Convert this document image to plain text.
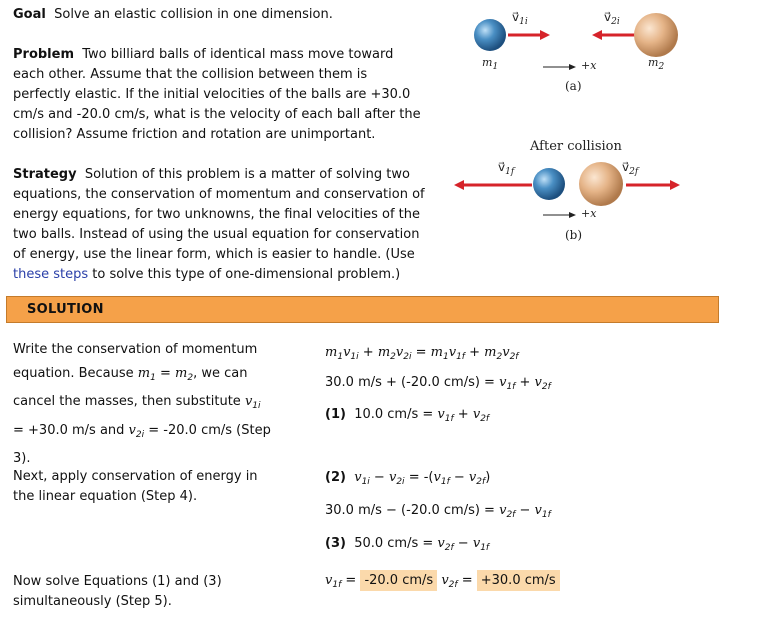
Goal Solve an elastic collision in one dimension.
Problem Two billiard balls of identical mass move toward each other. Assume that the collision between them is perfectly elastic. If the initial velocities of the balls are +30.0 cm/s and -20.0 cm/s, what is the velocity of each ball after the collision? Assume friction and rotation are unimportant.
Strategy Solution of this problem is a matter of solving two equations, the conservation of momentum and conservation of energy equations, for two unknowns, the final velocities of the two balls. Instead of using the usual equation for conservation of energy, use the linear form, which is easier to handle. (Use these steps to solve this type of one-dimensional problem.)
$v⃗_{1i}$	$v⃗_{2i}$
$m_1$	$m_2$
+x
(a)
After collision
$v⃗_{1f}$	$v⃗_{2f}$
+x
(b)
SOLUTION
Write the conservation of momentum equation. Because $m_1 = m_2$, we can cancel the masses, then substitute $v_{1i}$
= +30.0 m/s and $v_{2i} = -20.0$ cm/s (Step 3).
$m_1v_{1i} + m_2v_{2i} = m_1v_{1f} + m_2v_{2f}$
30.0 m/s + (-20.0 $cm/s) = v_{1f} + v_{2f}$
(1) 10.0 $cm/s = v_{1f} + v_{2f}$
Next, apply conservation of energy in the linear equation (Step 4).
(2) $v_{1i} - v_{2i} = -(v_{1f} - v_{2f})$
30.0 m/s − (-20.0 $cm/s) = v_{2f} - v_{1f}$
(3) 50.0 $cm/s = v_{2f} - v_{1f}$
Now solve Equations (1) and (3) simultaneously (Step 5).
$v_{1f} = -20.0$ cm/s $v_{2f} = +30.0$ cm/s
